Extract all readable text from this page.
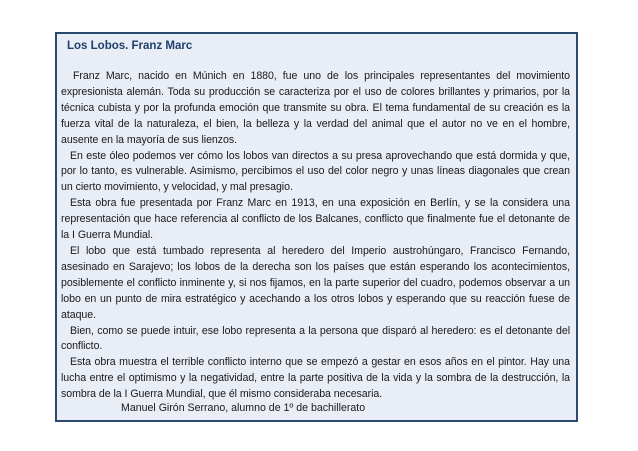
Los Lobos. Franz Marc

Franz Marc, nacido en Múnich en 1880, fue uno de los principales representantes del movimiento expresionista alemán. Toda su producción se caracteriza por el uso de colores brillantes y primarios, por la técnica cubista y por la profunda emoción que transmite su obra. El tema fundamental de su creación es la fuerza vital de la naturaleza, el bien, la belleza y la verdad del animal que el autor no ve en el hombre, ausente en la mayoría de sus lienzos.

En este óleo podemos ver cómo los lobos van directos a su presa aprovechando que está dormida y que, por lo tanto, es vulnerable. Asimismo, percibimos el uso del color negro y unas líneas diagonales que crean un cierto movimiento, y velocidad, y mal presagio.

Esta obra fue presentada por Franz Marc en 1913, en una exposición en Berlín, y se la considera una representación que hace referencia al conflicto de los Balcanes, conflicto que finalmente fue el detonante de la I Guerra Mundial.

El lobo que está tumbado representa al heredero del Imperio austrohúngaro, Francisco Fernando, asesinado en Sarajevo; los lobos de la derecha son los países que están esperando los acontecimientos, posiblemente el conflicto inminente y, si nos fijamos, en la parte superior del cuadro, podemos observar a un lobo en un punto de mira estratégico y acechando a los otros lobos y esperando que su reacción fuese de ataque.

Bien, como se puede intuir, ese lobo representa a la persona que disparó al heredero: es el detonante del conflicto.

Esta obra muestra el terrible conflicto interno que se empezó a gestar en esos años en el pintor. Hay una lucha entre el optimismo y la negatividad, entre la parte positiva de la vida y la sombra de la destrucción, la sombra de la I Guerra Mundial, que él mismo consideraba necesaria.

Manuel Girón Serrano, alumno de 1º de bachillerato
